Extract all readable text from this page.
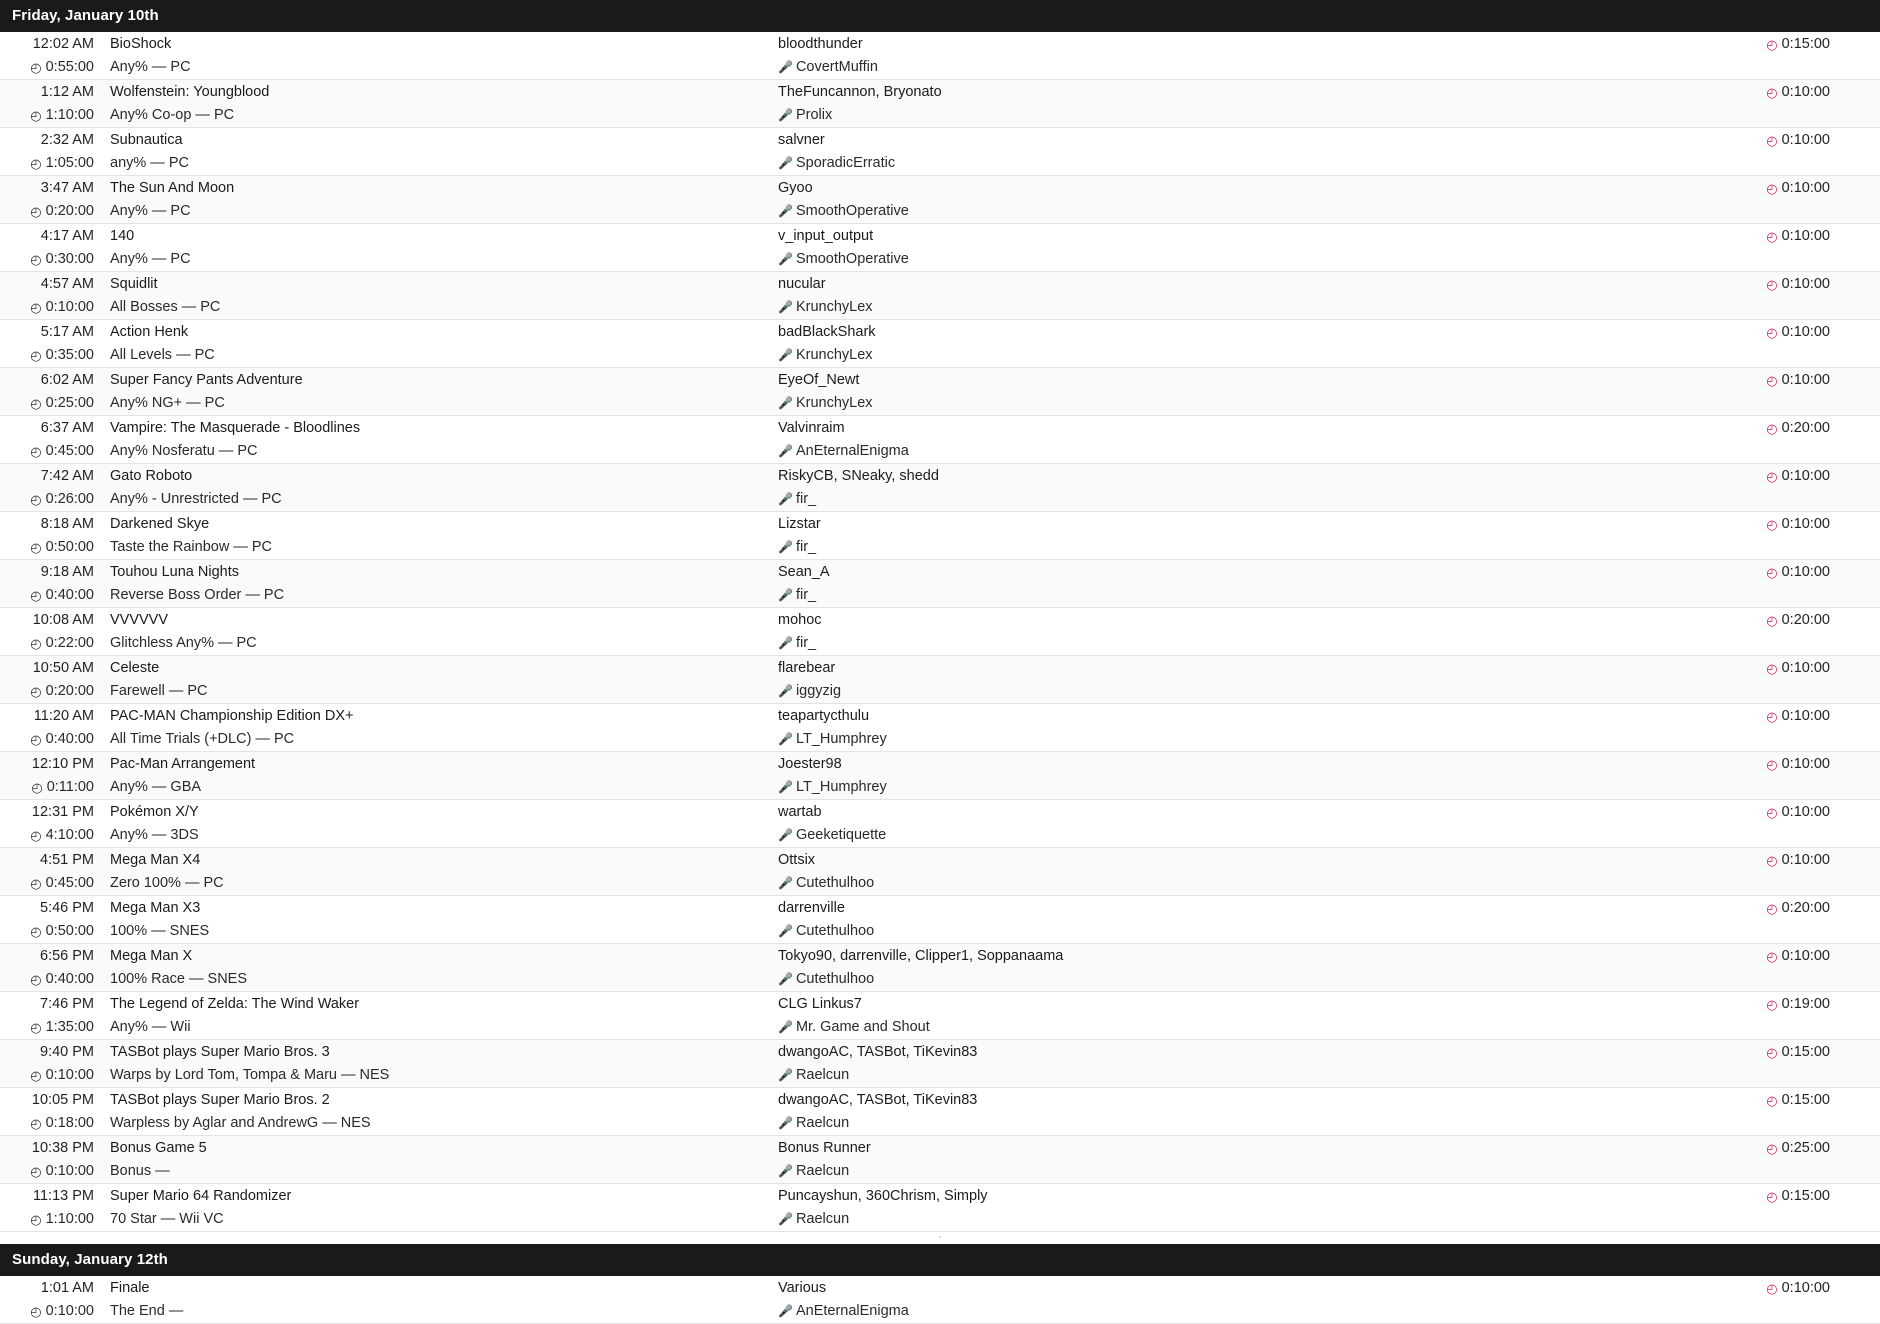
Friday, January 10th
12:02 AM	BioShock	bloodthunder	◴ 0:15:00
◴ 0:55:00	Any% — PC	🎤 CovertMuffin
1:12 AM	Wolfenstein: Youngblood	TheFuncannon, Bryonato	◴ 0:10:00
◴ 1:10:00	Any% Co-op — PC	🎤 Prolix
2:32 AM	Subnautica	salvner	◴ 0:10:00
◴ 1:05:00	any% — PC	🎤 SporadicErratic
3:47 AM	The Sun And Moon	Gyoo	◴ 0:10:00
◴ 0:20:00	Any% — PC	🎤 SmoothOperative
4:17 AM	140	v_input_output	◴ 0:10:00
◴ 0:30:00	Any% — PC	🎤 SmoothOperative
4:57 AM	Squidlit	nucular	◴ 0:10:00
◴ 0:10:00	All Bosses — PC	🎤 KrunchyLex
5:17 AM	Action Henk	badBlackShark	◴ 0:10:00
◴ 0:35:00	All Levels — PC	🎤 KrunchyLex
6:02 AM	Super Fancy Pants Adventure	EyeOf_Newt	◴ 0:10:00
◴ 0:25:00	Any% NG+ — PC	🎤 KrunchyLex
6:37 AM	Vampire: The Masquerade - Bloodlines	Valvinraim	◴ 0:20:00
◴ 0:45:00	Any% Nosferatu — PC	🎤 AnEternalEnigma
7:42 AM	Gato Roboto	RiskyCB, SNeaky, shedd	◴ 0:10:00
◴ 0:26:00	Any% - Unrestricted — PC	🎤 fir_
8:18 AM	Darkened Skye	Lizstar	◴ 0:10:00
◴ 0:50:00	Taste the Rainbow — PC	🎤 fir_
9:18 AM	Touhou Luna Nights	Sean_A	◴ 0:10:00
◴ 0:40:00	Reverse Boss Order — PC	🎤 fir_
10:08 AM	VVVVVV	mohoc	◴ 0:20:00
◴ 0:22:00	Glitchless Any% — PC	🎤 fir_
10:50 AM	Celeste	flarebear	◴ 0:10:00
◴ 0:20:00	Farewell — PC	🎤 iggyzig
11:20 AM	PAC-MAN Championship Edition DX+	teapartycthulu	◴ 0:10:00
◴ 0:40:00	All Time Trials (+DLC) — PC	🎤 LT_Humphrey
12:10 PM	Pac-Man Arrangement	Joester98	◴ 0:10:00
◴ 0:11:00	Any% — GBA	🎤 LT_Humphrey
12:31 PM	Pokémon X/Y	wartab	◴ 0:10:00
◴ 4:10:00	Any% — 3DS	🎤 Geeketiquette
4:51 PM	Mega Man X4	Ottsix	◴ 0:10:00
◴ 0:45:00	Zero 100% — PC	🎤 Cutethulhoo
5:46 PM	Mega Man X3	darrenville	◴ 0:20:00
◴ 0:50:00	100% — SNES	🎤 Cutethulhoo
6:56 PM	Mega Man X	Tokyo90, darrenville, Clipper1, Soppanaama	◴ 0:10:00
◴ 0:40:00	100% Race — SNES	🎤 Cutethulhoo
7:46 PM	The Legend of Zelda: The Wind Waker	CLG Linkus7	◴ 0:19:00
◴ 1:35:00	Any% — Wii	🎤 Mr. Game and Shout
9:40 PM	TASBot plays Super Mario Bros. 3	dwangoAC, TASBot, TiKevin83	◴ 0:15:00
◴ 0:10:00	Warps by Lord Tom, Tompa & Maru — NES	🎤 Raelcun
10:05 PM	TASBot plays Super Mario Bros. 2	dwangoAC, TASBot, TiKevin83	◴ 0:15:00
◴ 0:18:00	Warpless by Aglar and AndrewG — NES	🎤 Raelcun
10:38 PM	Bonus Game 5	Bonus Runner	◴ 0:25:00
◴ 0:10:00	Bonus —	🎤 Raelcun
11:13 PM	Super Mario 64 Randomizer	Puncayshun, 360Chrism, Simply	◴ 0:15:00
◴ 1:10:00	70 Star — Wii VC	🎤 Raelcun
·
Sunday, January 12th
1:01 AM	Finale	Various	◴ 0:10:00
◴ 0:10:00	The End —	🎤 AnEternalEnigma
